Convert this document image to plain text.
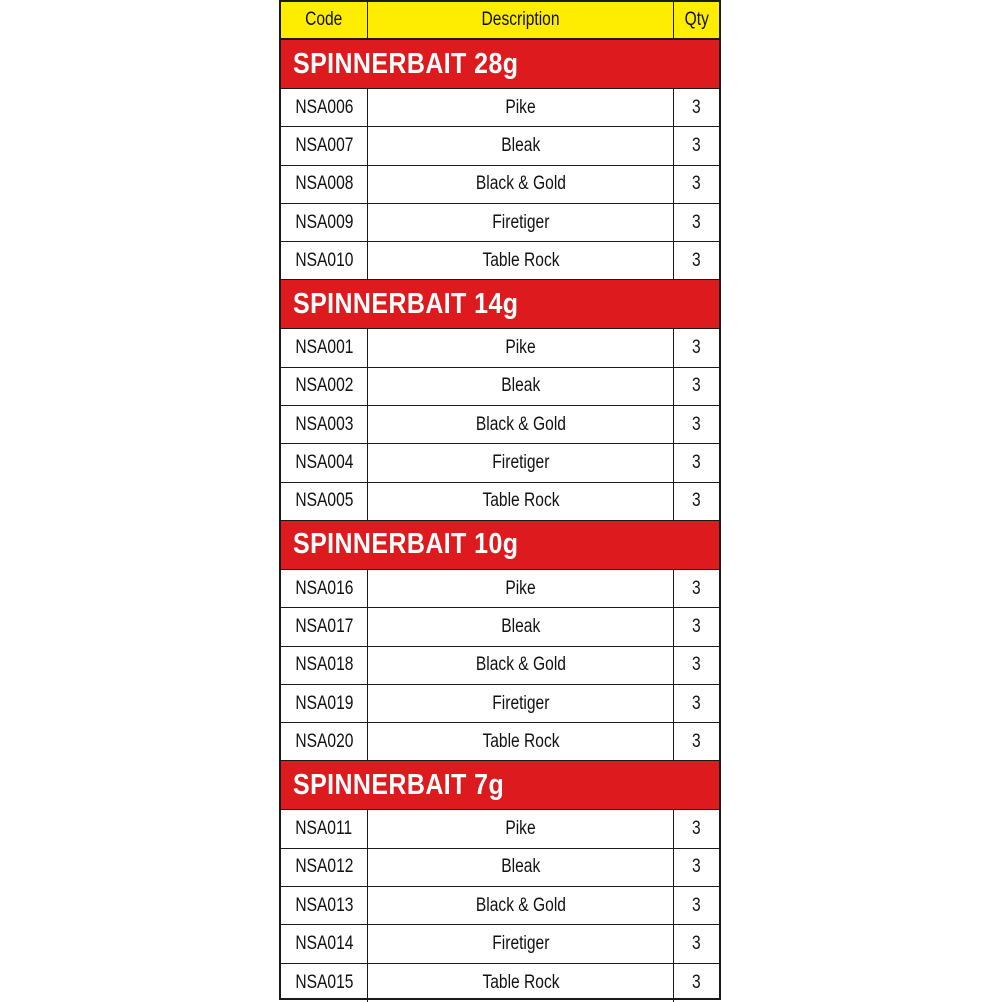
Code	Description	Qty
SPINNERBAIT 28g
NSA006	Pike	3
NSA007	Bleak	3
NSA008	Black & Gold	3
NSA009	Firetiger	3
NSA010	Table Rock	3
SPINNERBAIT 14g
NSA001	Pike	3
NSA002	Bleak	3
NSA003	Black & Gold	3
NSA004	Firetiger	3
NSA005	Table Rock	3
SPINNERBAIT 10g
NSA016	Pike	3
NSA017	Bleak	3
NSA018	Black & Gold	3
NSA019	Firetiger	3
NSA020	Table Rock	3
SPINNERBAIT 7g
NSA011	Pike	3
NSA012	Bleak	3
NSA013	Black & Gold	3
NSA014	Firetiger	3
NSA015	Table Rock	3
